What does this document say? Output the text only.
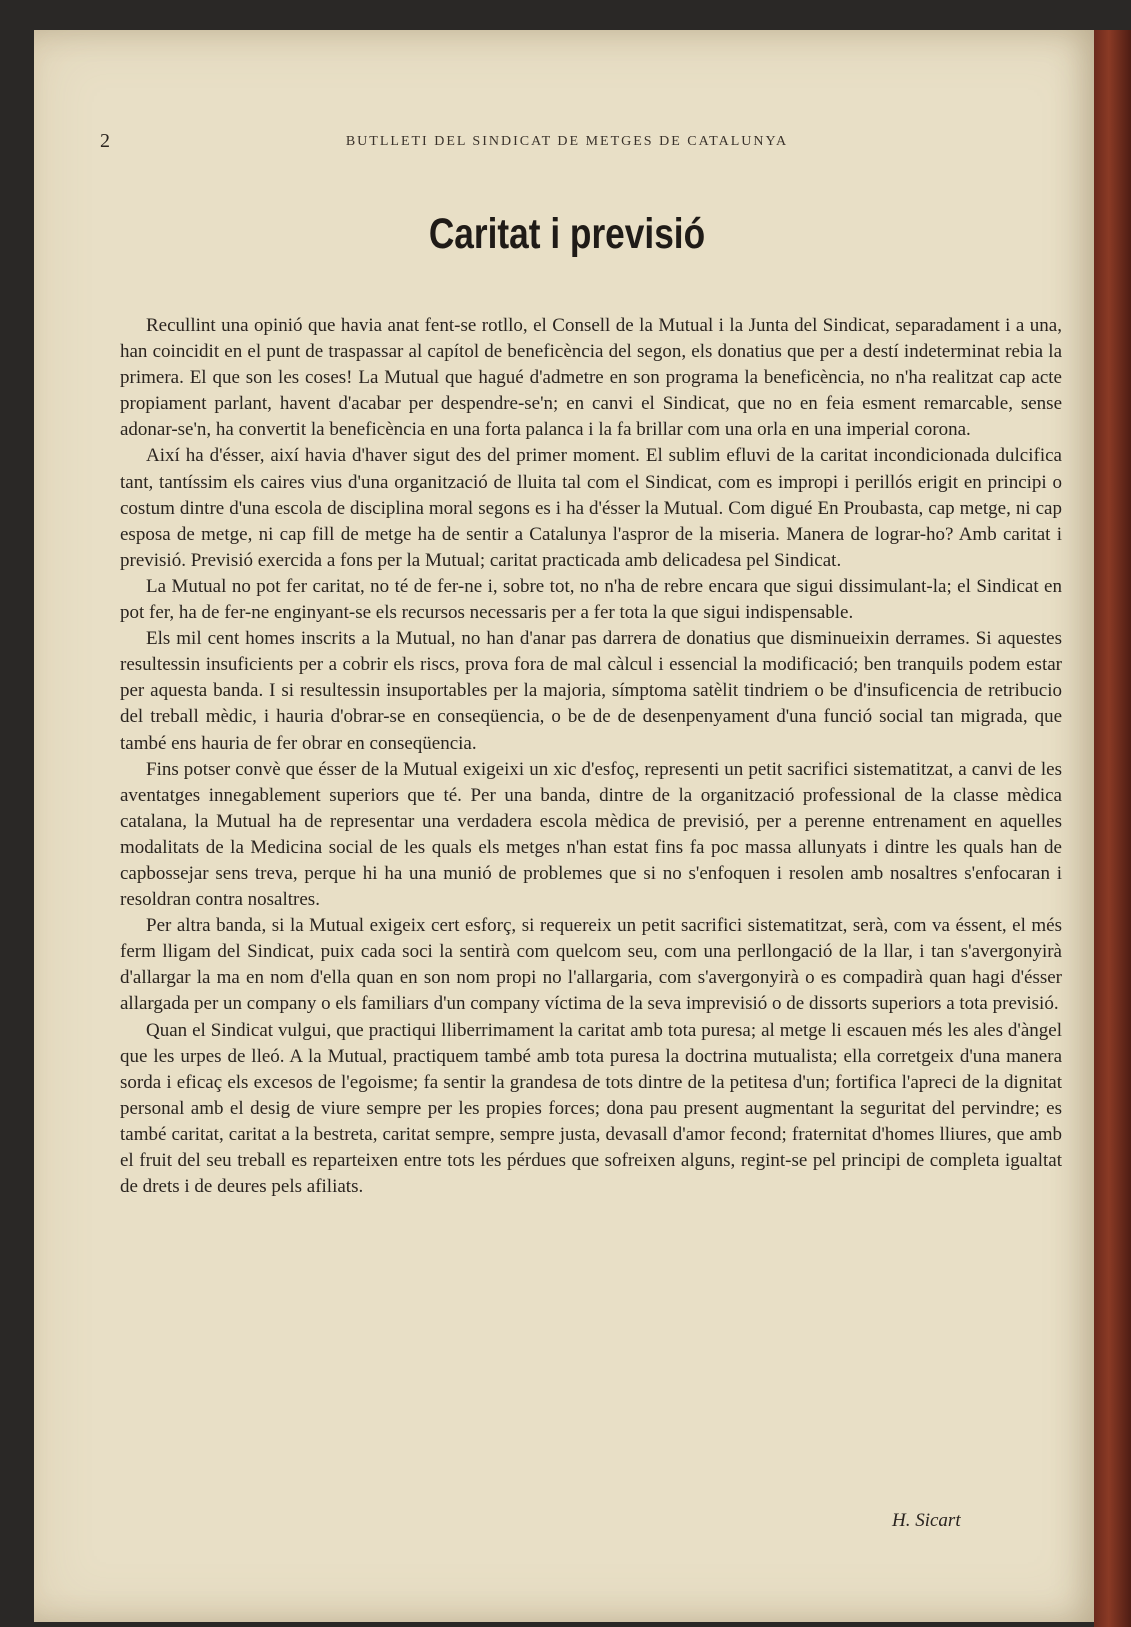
2	BUTLLETI DEL SINDICAT DE METGES DE CATALUNYA
Caritat i previsió

Recullint una opinió que havia anat fent-se rotllo, el Consell de la Mutual i la Junta del Sindicat, separadament i a una, han coincidit en el punt de traspassar al capítol de beneficència del segon, els donatius que per a destí indeterminat rebia la primera. El que son les coses! La Mutual que hagué d'admetre en son programa la beneficència, no n'ha realitzat cap acte propiament parlant, havent d'acabar per despendre-se'n; en canvi el Sindicat, que no en feia esment remarcable, sense adonar-se'n, ha convertit la beneficència en una forta palanca i la fa brillar com una orla en una imperial corona.

Així ha d'ésser, així havia d'haver sigut des del primer moment. El sublim efluvi de la caritat incondicionada dulcifica tant, tantíssim els caires vius d'una organització de lluita tal com el Sindicat, com es impropi i perillós erigit en principi o costum dintre d'una escola de disciplina moral segons es i ha d'ésser la Mutual. Com digué En Proubasta, cap metge, ni cap esposa de metge, ni cap fill de metge ha de sentir a Catalunya l'aspror de la miseria. Manera de lograr-ho? Amb caritat i previsió. Previsió exercida a fons per la Mutual; caritat practicada amb delicadesa pel Sindicat.

La Mutual no pot fer caritat, no té de fer-ne i, sobre tot, no n'ha de rebre encara que sigui dissimulant-la; el Sindicat en pot fer, ha de fer-ne enginyant-se els recursos necessaris per a fer tota la que sigui indispensable.

Els mil cent homes inscrits a la Mutual, no han d'anar pas darrera de donatius que disminueixin derrames. Si aquestes resultessin insuficients per a cobrir els riscs, prova fora de mal càlcul i essencial la modificació; ben tranquils podem estar per aquesta banda. I si resultessin insuportables per la majoria, símptoma satèlit tindriem o be d'insuficencia de retribucio del treball mèdic, i hauria d'obrar-se en conseqüencia, o be de de desenpenyament d'una funció social tan migrada, que també ens hauria de fer obrar en conseqüencia.

Fins potser convè que ésser de la Mutual exigeixi un xic d'esfoç, representi un petit sacrifici sistematitzat, a canvi de les aventatges innegablement superiors que té. Per una banda, dintre de la organització professional de la classe mèdica catalana, la Mutual ha de representar una verdadera escola mèdica de previsió, per a perenne entrenament en aquelles modalitats de la Medicina social de les quals els metges n'han estat fins fa poc massa allunyats i dintre les quals han de capbossejar sens treva, perque hi ha una munió de problemes que si no s'enfoquen i resolen amb nosaltres s'enfocaran i resoldran contra nosaltres.

Per altra banda, si la Mutual exigeix cert esforç, si requereix un petit sacrifici sistematitzat, serà, com va éssent, el més ferm lligam del Sindicat, puix cada soci la sentirà com quelcom seu, com una perllongació de la llar, i tan s'avergonyirà d'allargar la ma en nom d'ella quan en son nom propi no l'allargaria, com s'avergonyirà o es compadirà quan hagi d'ésser allargada per un company o els familiars d'un company víctima de la seva imprevisió o de dissorts superiors a tota previsió.

Quan el Sindicat vulgui, que practiqui lliberrimament la caritat amb tota puresa; al metge li escauen més les ales d'àngel que les urpes de lleó. A la Mutual, practiquem també amb tota puresa la doctrina mutualista; ella corretgeix d'una manera sorda i eficaç els excesos de l'egoisme; fa sentir la grandesa de tots dintre de la petitesa d'un; fortifica l'apreci de la dignitat personal amb el desig de viure sempre per les propies forces; dona pau present augmentant la seguritat del pervindre; es també caritat, caritat a la bestreta, caritat sempre, sempre justa, devasall d'amor fecond; fraternitat d'homes lliures, que amb el fruit del seu treball es reparteixen entre tots les pérdues que sofreixen alguns, regint-se pel principi de completa igualtat de drets i de deures pels afiliats.

H. Sicart
